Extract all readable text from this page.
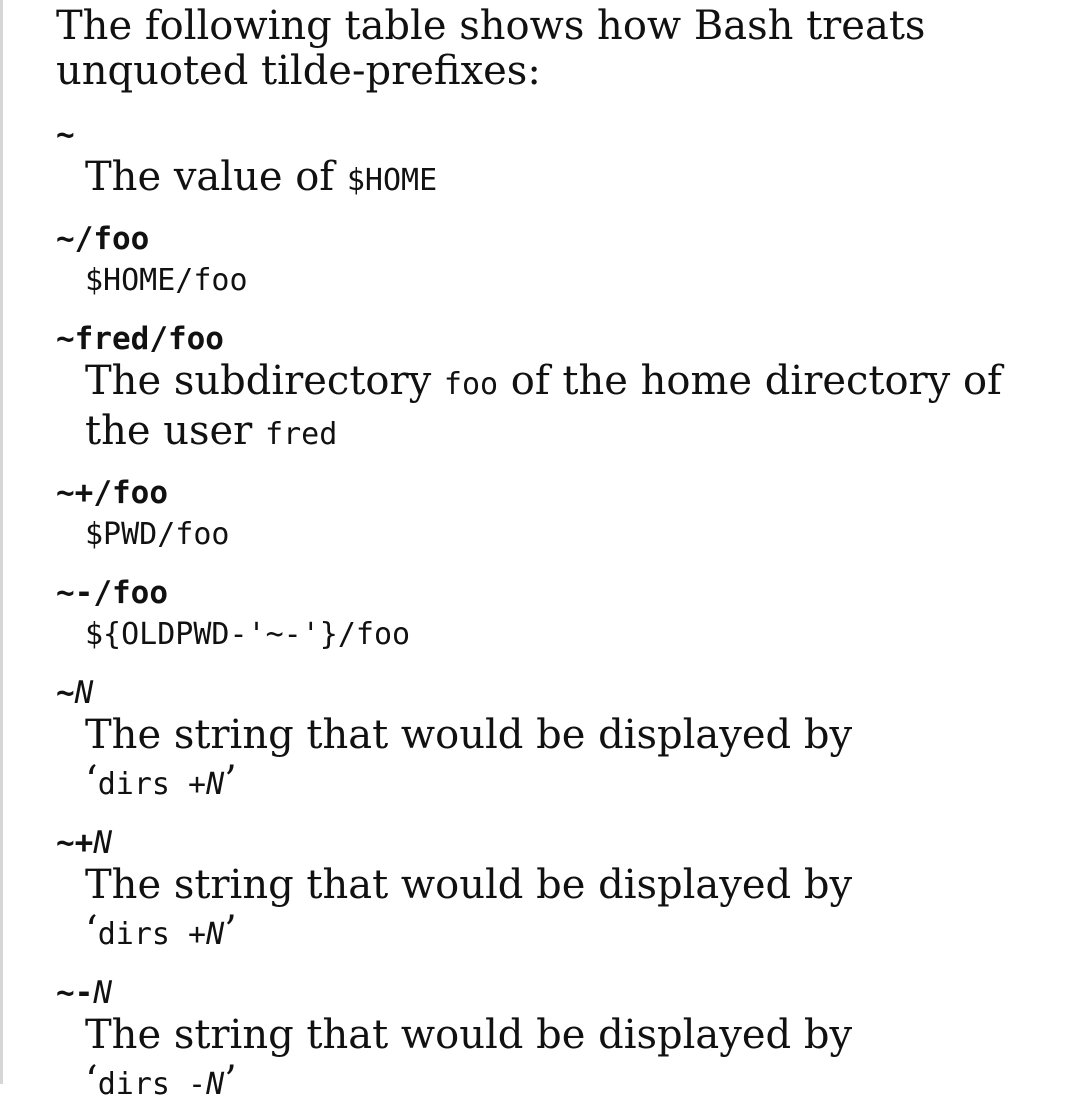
The following table shows how Bash treats unquoted tilde-prefixes:

~
The value of $HOME
~/foo
$HOME/foo
~fred/foo
The subdirectory foo of the home directory of the user fred
~+/foo
$PWD/foo
~-/foo
${OLDPWD-'~-'}/foo
~N
The string that would be displayed by ‘dirs +N’
~+N
The string that would be displayed by ‘dirs +N’
~-N
The string that would be displayed by ‘dirs -N’
